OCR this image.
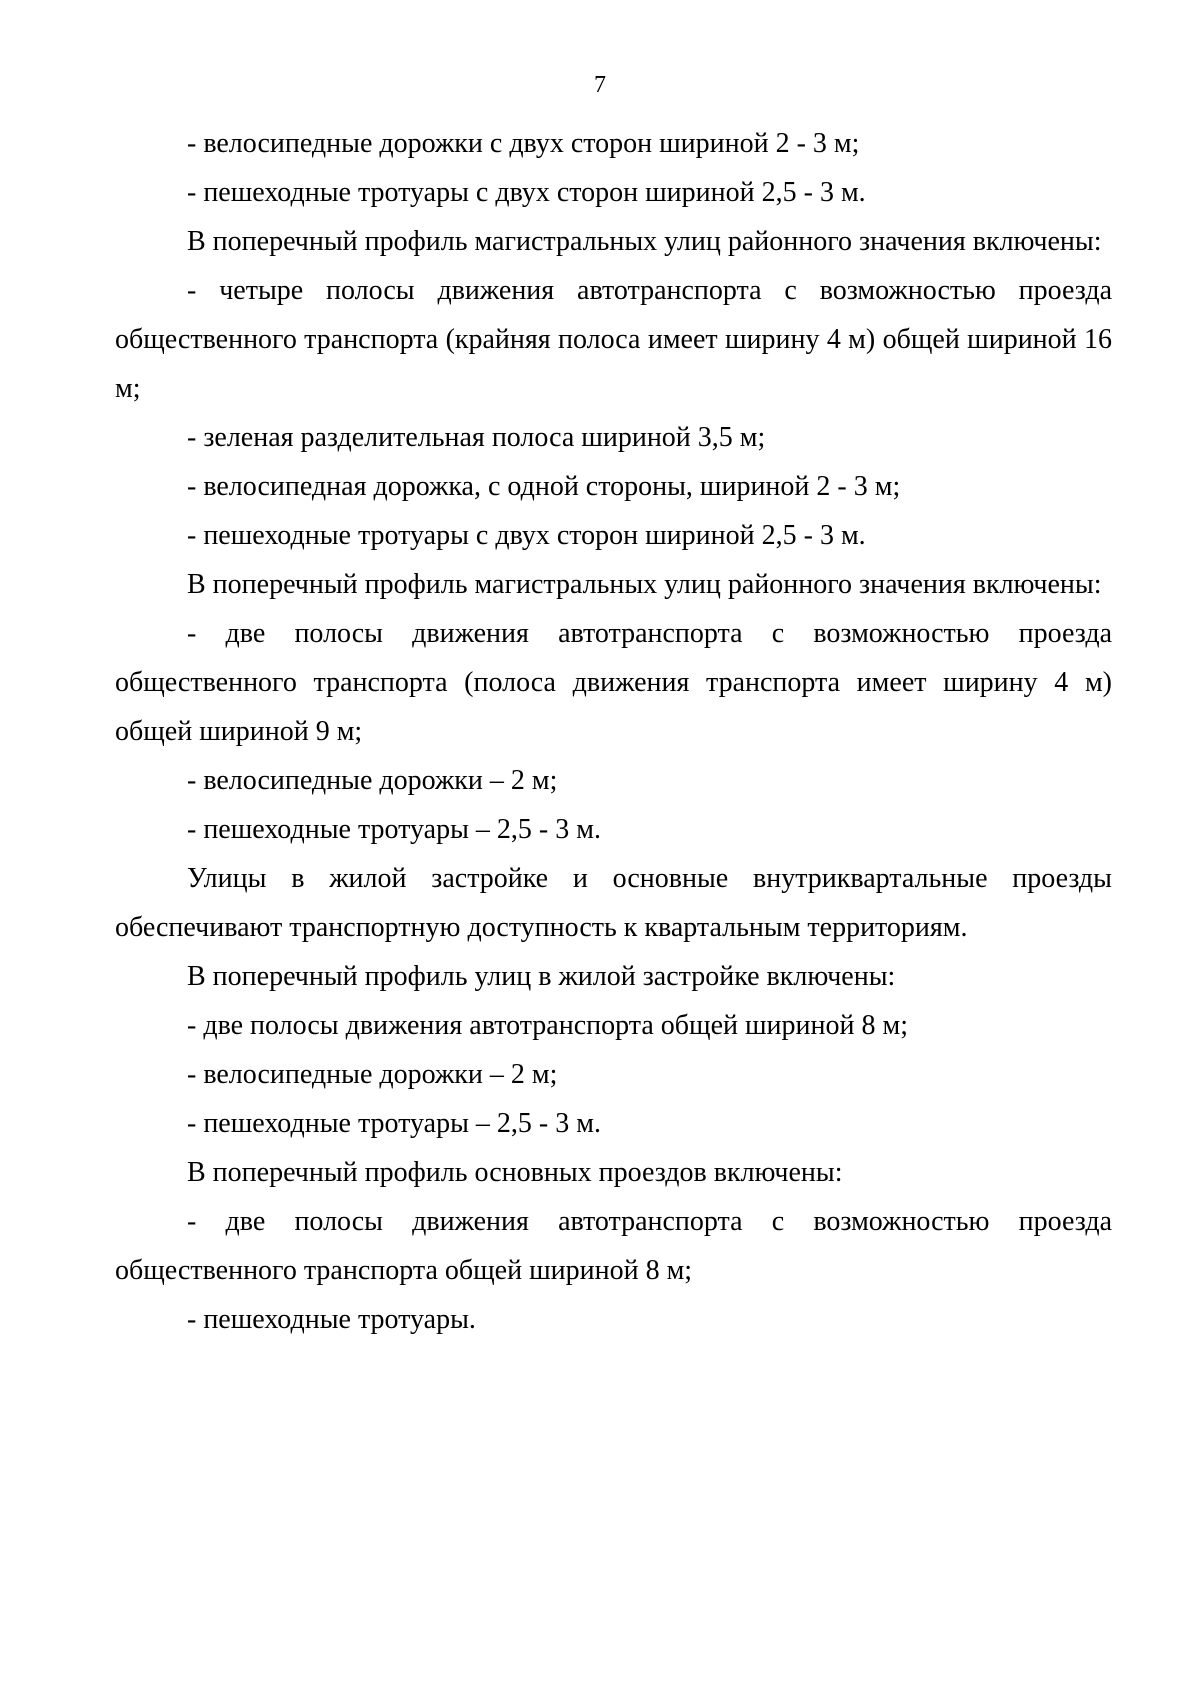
7

- велосипедные дорожки с двух сторон шириной 2 - 3 м;

- пешеходные тротуары с двух сторон шириной 2,5 - 3 м.

В поперечный профиль магистральных улиц районного значения включены:

- четыре полосы движения автотранспорта с возможностью проезда общественного транспорта (крайняя полоса имеет ширину 4 м) общей шириной 16 м;

- зеленая разделительная полоса шириной 3,5 м;

- велосипедная дорожка, с одной стороны, шириной 2 - 3 м;

- пешеходные тротуары с двух сторон шириной 2,5 - 3 м.

В поперечный профиль магистральных улиц районного значения включены:

- две полосы движения автотранспорта с возможностью проезда общественного транспорта (полоса движения транспорта имеет ширину 4 м) общей шириной 9 м;

- велосипедные дорожки – 2 м;

- пешеходные тротуары – 2,5 - 3 м.

Улицы в жилой застройке и основные внутриквартальные проезды обеспечивают транспортную доступность к квартальным территориям.

В поперечный профиль улиц в жилой застройке включены:

- две полосы движения автотранспорта общей шириной 8 м;

- велосипедные дорожки – 2 м;

- пешеходные тротуары – 2,5 - 3 м.

В поперечный профиль основных проездов включены:

- две полосы движения автотранспорта с возможностью проезда общественного транспорта общей шириной 8 м;

- пешеходные тротуары.
